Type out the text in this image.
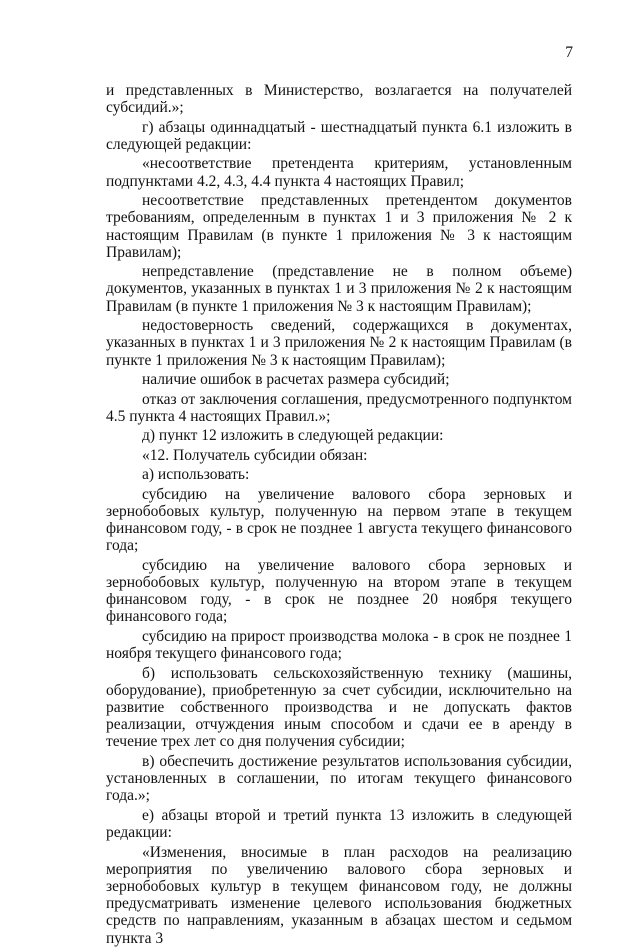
7

и представленных в Министерство, возлагается на получателей субсидий.»;

г) абзацы одиннадцатый - шестнадцатый пункта 6.1 изложить в следующей редакции:

«несоответствие претендента критериям, установленным подпунктами 4.2, 4.3, 4.4 пункта 4 настоящих Правил;

несоответствие представленных претендентом документов требованиям, определенным в пунктах 1 и 3 приложения № 2 к настоящим Правилам (в пункте 1 приложения № 3 к настоящим Правилам);

непредставление (представление не в полном объеме) документов, указанных в пунктах 1 и 3 приложения № 2 к настоящим Правилам (в пункте 1 приложения № 3 к настоящим Правилам);

недостоверность сведений, содержащихся в документах, указанных в пунктах 1 и 3 приложения № 2 к настоящим Правилам (в пункте 1 приложения № 3 к настоящим Правилам);

наличие ошибок в расчетах размера субсидий;

отказ от заключения соглашения, предусмотренного подпунктом 4.5 пункта 4 настоящих Правил.»;

д) пункт 12 изложить в следующей редакции:

«12. Получатель субсидии обязан:

а) использовать:

субсидию на увеличение валового сбора зерновых и зернобобовых культур, полученную на первом этапе в текущем финансовом году, - в срок не позднее 1 августа текущего финансового года;

субсидию на увеличение валового сбора зерновых и зернобобовых культур, полученную на втором этапе в текущем финансовом году, - в срок не позднее 20 ноября текущего финансового года;

субсидию на прирост производства молока - в срок не позднее 1 ноября текущего финансового года;

б) использовать сельскохозяйственную технику (машины, оборудование), приобретенную за счет субсидии, исключительно на развитие собственного производства и не допускать фактов реализации, отчуждения иным способом и сдачи ее в аренду в течение трех лет со дня получения субсидии;

в) обеспечить достижение результатов использования субсидии, установленных в соглашении, по итогам текущего финансового года.»;

е) абзацы второй и третий пункта 13 изложить в следующей редакции:

«Изменения, вносимые в план расходов на реализацию мероприятия по увеличению валового сбора зерновых и зернобобовых культур в текущем финансовом году, не должны предусматривать изменение целевого использования бюджетных средств по направлениям, указанным в абзацах шестом и седьмом пункта 3
